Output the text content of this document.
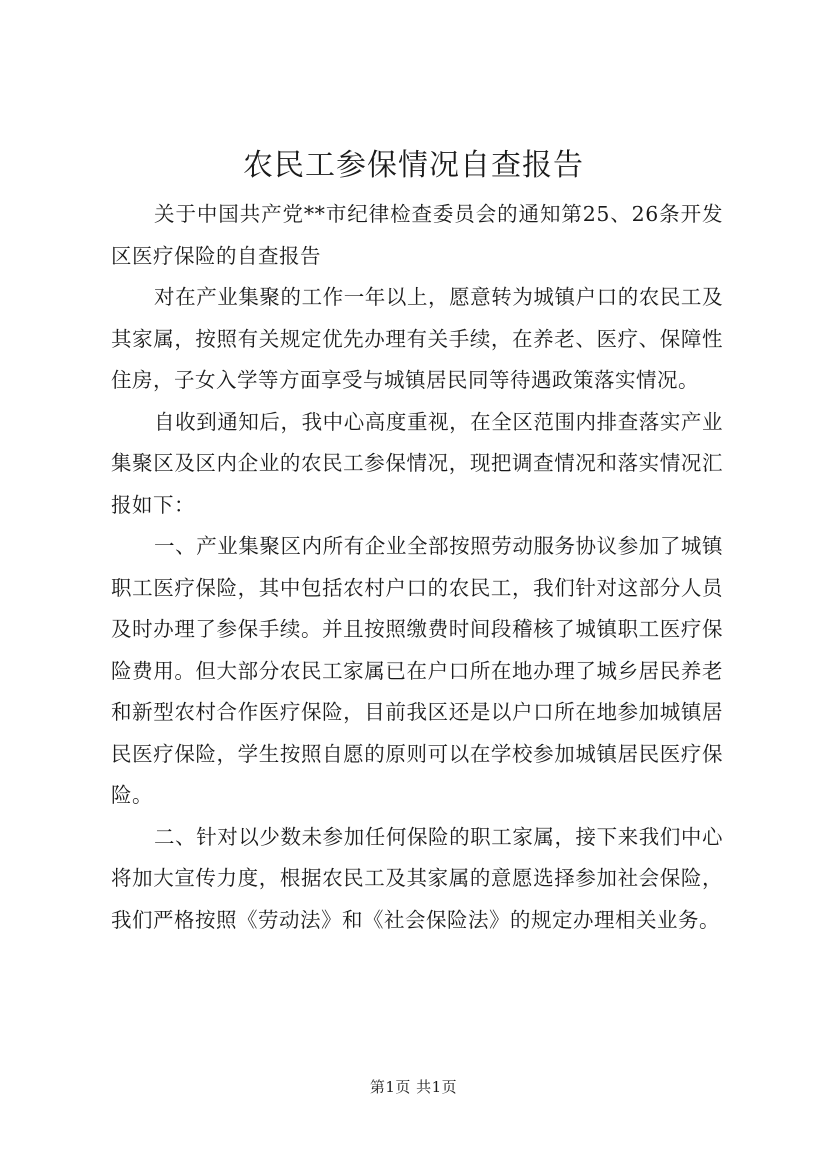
农民工参保情况自查报告

关于中国共产党**市纪律检查委员会的通知第25、26条开发区医疗保险的自查报告

对在产业集聚的工作一年以上，愿意转为城镇户口的农民工及其家属，按照有关规定优先办理有关手续，在养老、医疗、保障性住房，子女入学等方面享受与城镇居民同等待遇政策落实情况。

自收到通知后，我中心高度重视，在全区范围内排查落实产业集聚区及区内企业的农民工参保情况，现把调查情况和落实情况汇报如下：

一、产业集聚区内所有企业全部按照劳动服务协议参加了城镇职工医疗保险，其中包括农村户口的农民工，我们针对这部分人员及时办理了参保手续。并且按照缴费时间段稽核了城镇职工医疗保险费用。但大部分农民工家属已在户口所在地办理了城乡居民养老和新型农村合作医疗保险，目前我区还是以户口所在地参加城镇居民医疗保险，学生按照自愿的原则可以在学校参加城镇居民医疗保险。

二、针对以少数未参加任何保险的职工家属，接下来我们中心将加大宣传力度，根据农民工及其家属的意愿选择参加社会保险，我们严格按照《劳动法》和《社会保险法》的规定办理相关业务。

第1页 共1页
